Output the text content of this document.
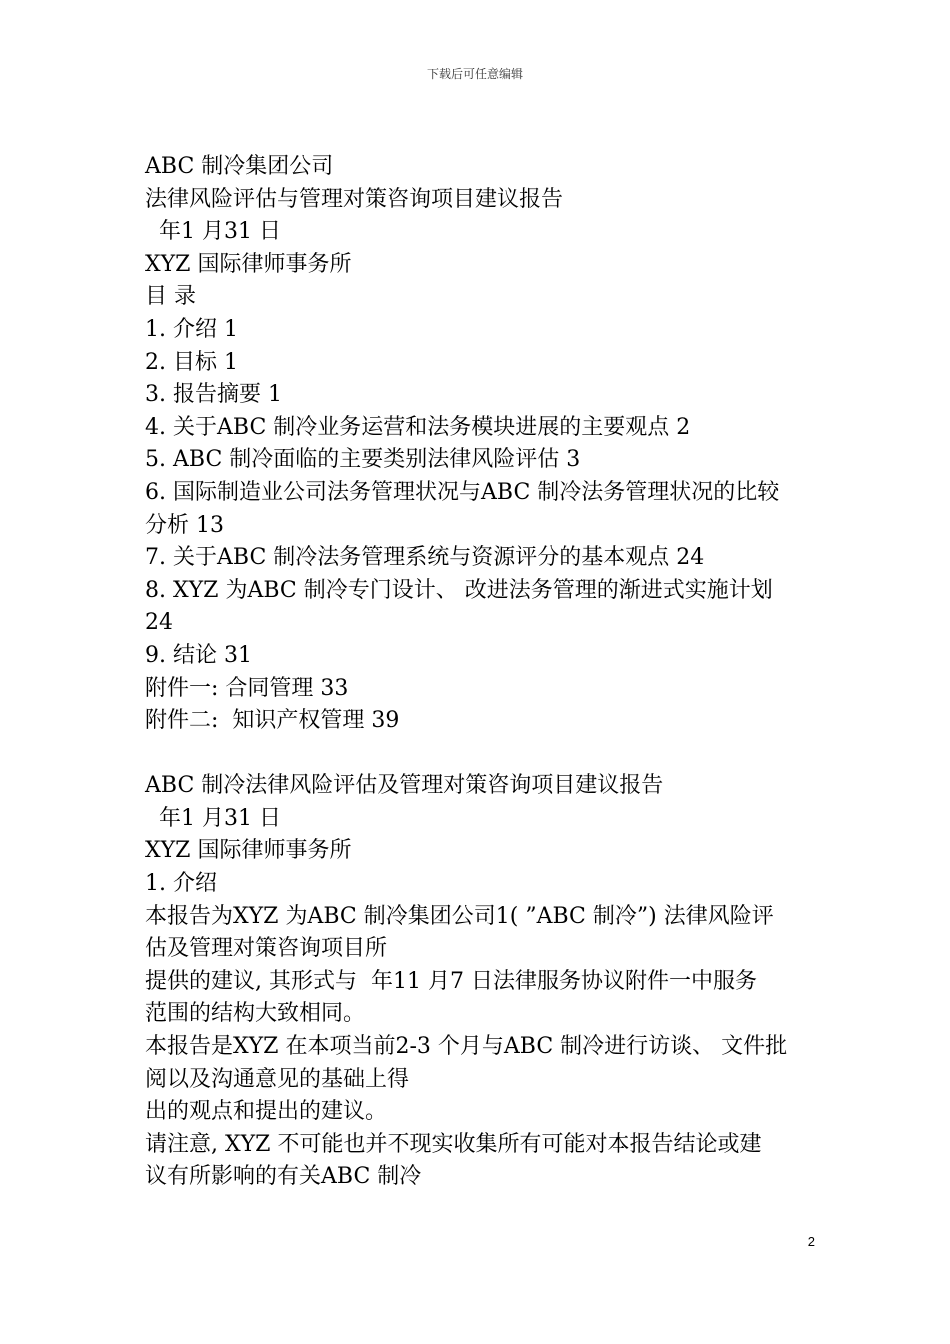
下载后可任意编辑
ABC 制冷集团公司
法律风险评估与管理对策咨询项目建议报告
年1 月31 日
XYZ 国际律师事务所
目 录
1. 介绍 1
2. 目标 1
3. 报告摘要 1
4. 关于ABC 制冷业务运营和法务模块进展的主要观点 2
5. ABC 制冷面临的主要类别法律风险评估 3
6. 国际制造业公司法务管理状况与ABC 制冷法务管理状况的比较
分析 13
7. 关于ABC 制冷法务管理系统与资源评分的基本观点 24
8. XYZ 为ABC 制冷专门设计、 改进法务管理的渐进式实施计划
24
9. 结论 31
附件一: 合同管理 33
附件二:  知识产权管理 39
ABC 制冷法律风险评估及管理对策咨询项目建议报告
年1 月31 日
XYZ 国际律师事务所
1. 介绍
本报告为XYZ 为ABC 制冷集团公司1( ”ABC 制冷”) 法律风险评
估及管理对策咨询项目所
提供的建议, 其形式与  年11 月7 日法律服务协议附件一中服务
范围的结构大致相同。
本报告是XYZ 在本项当前2-3 个月与ABC 制冷进行访谈、 文件批
阅以及沟通意见的基础上得
出的观点和提出的建议。
请注意, XYZ 不可能也并不现实收集所有可能对本报告结论或建
议有所影响的有关ABC 制冷
2
